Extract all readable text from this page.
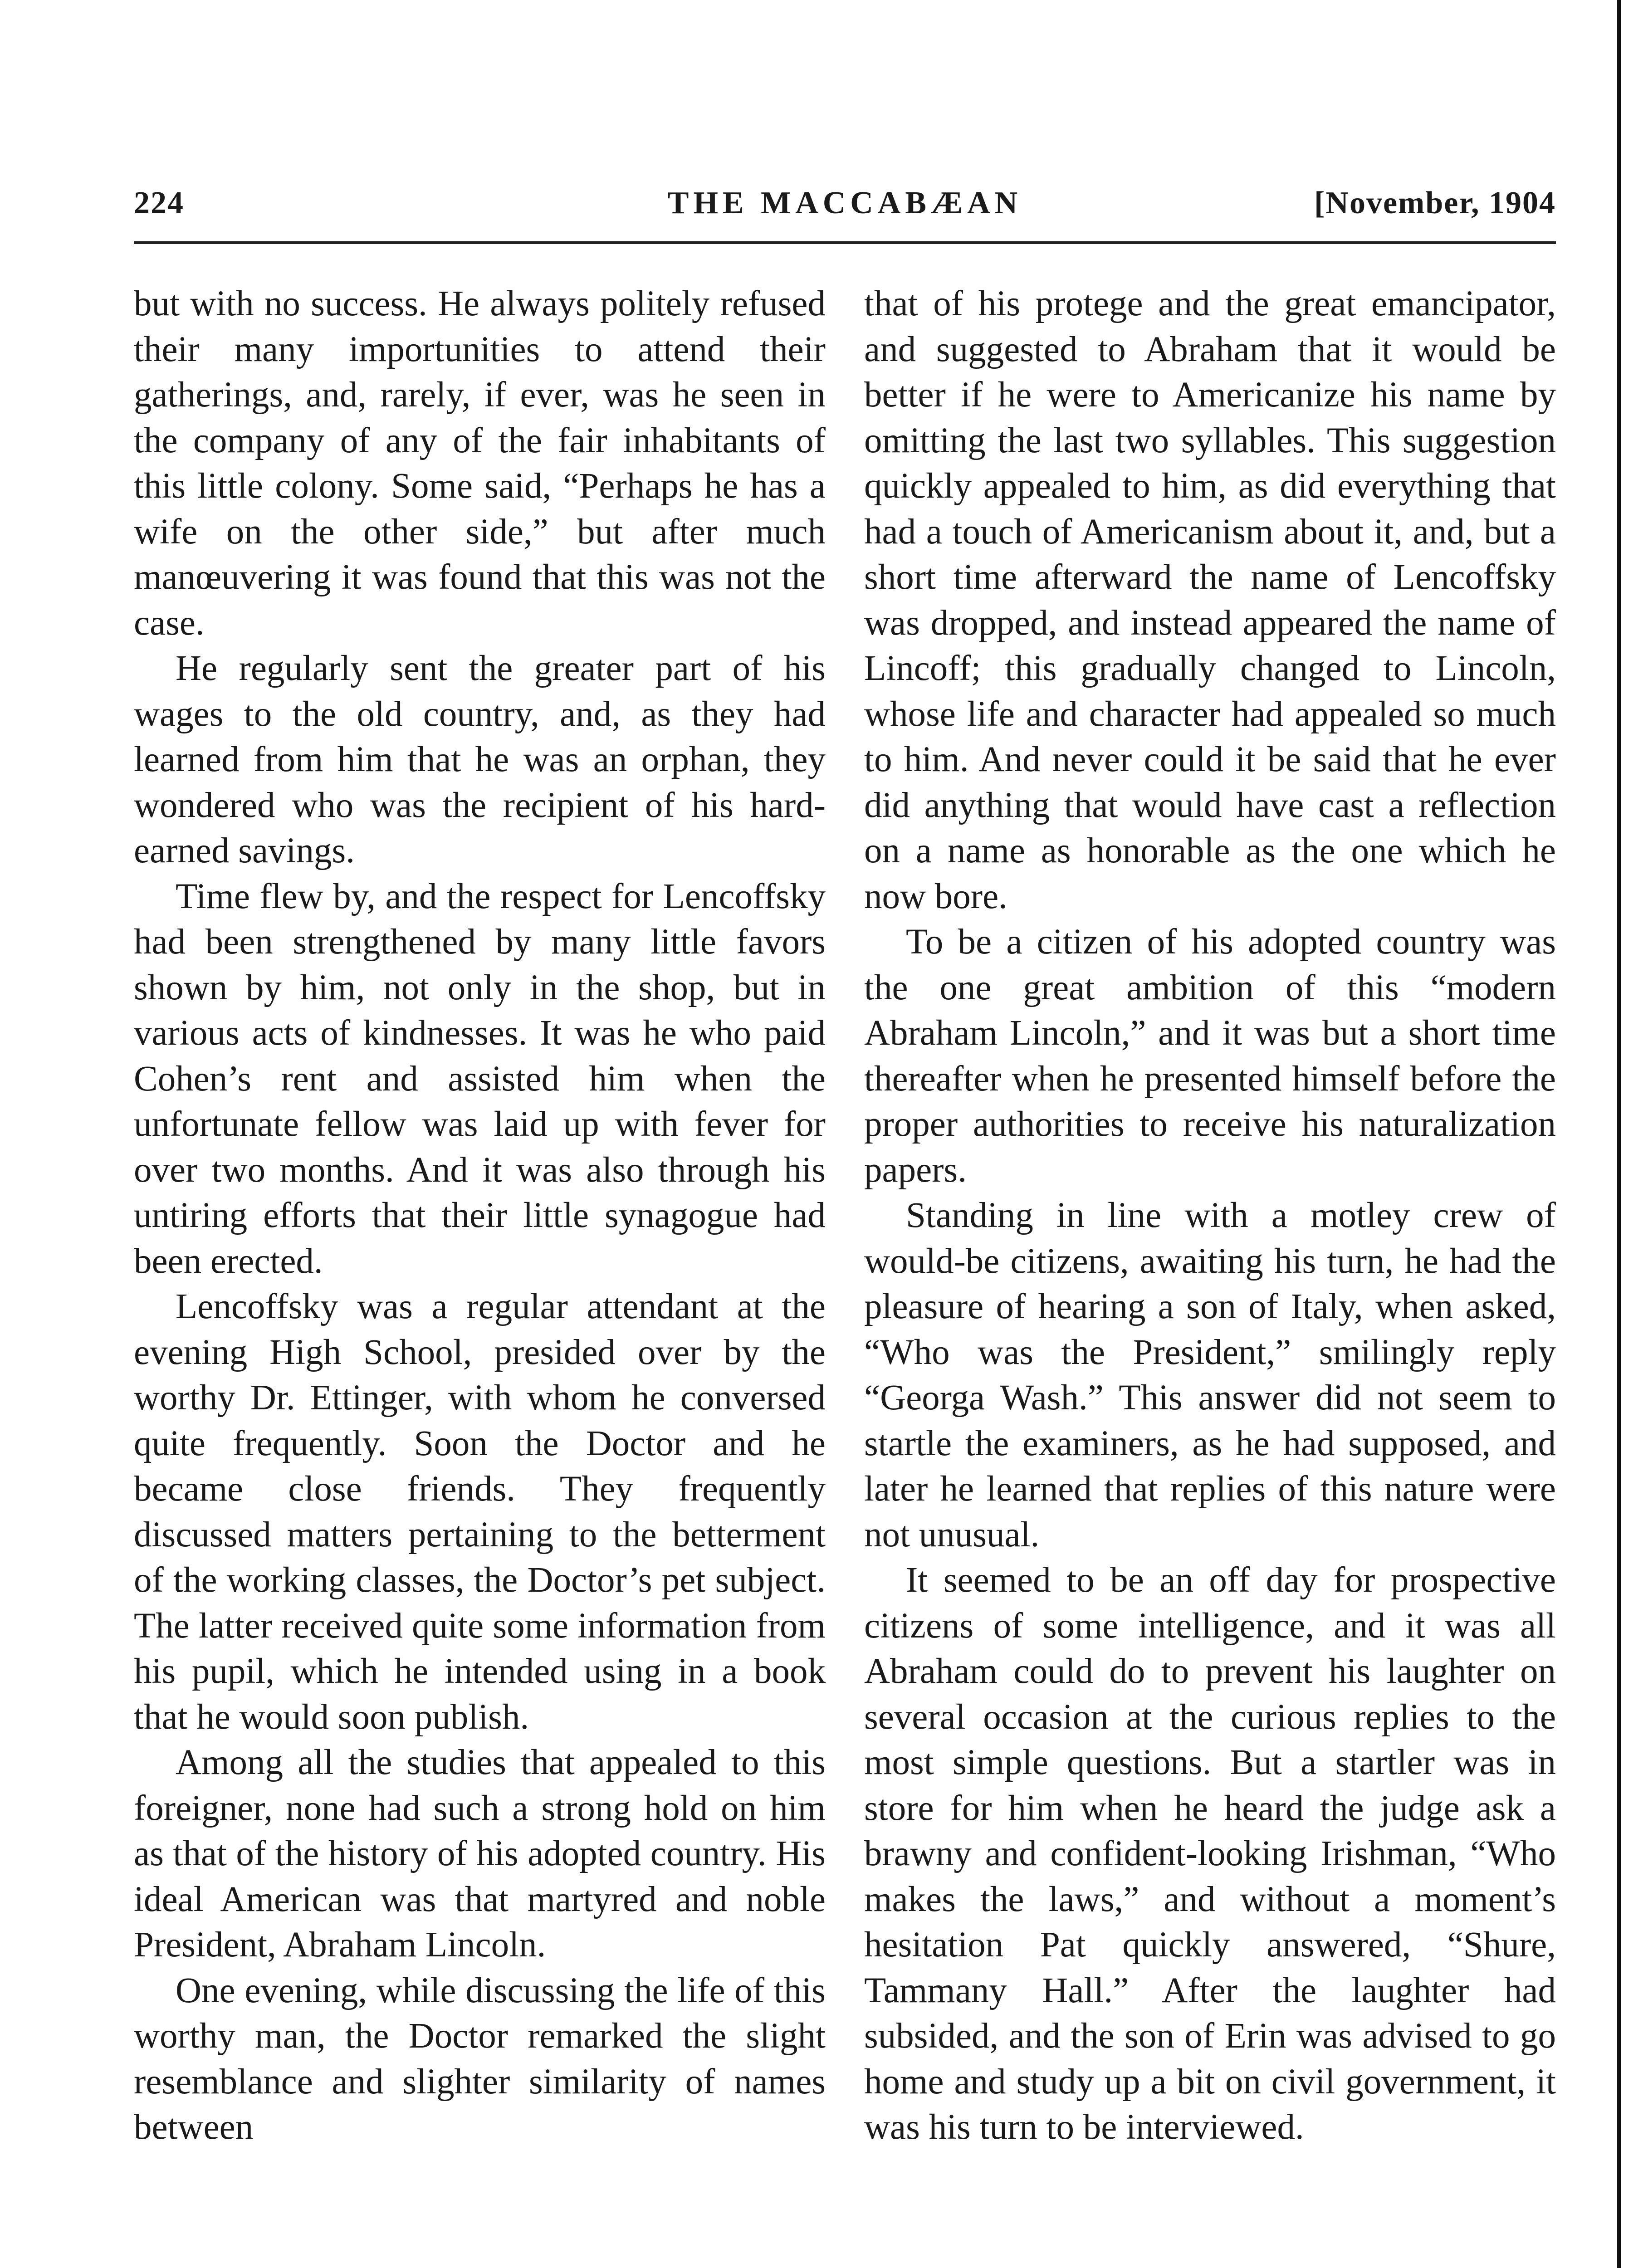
224	THE MACCABÆAN	[November, 1904

but with no success. He always politely refused their many importunities to attend their gatherings, and, rarely, if ever, was he seen in the company of any of the fair inhabitants of this little colony. Some said, “Perhaps he has a wife on the other side,” but after much manœuvering it was found that this was not the case.

He regularly sent the greater part of his wages to the old country, and, as they had learned from him that he was an orphan, they wondered who was the recipient of his hard-earned savings.

Time flew by, and the respect for Lencoffsky had been strengthened by many little favors shown by him, not only in the shop, but in various acts of kindnesses. It was he who paid Cohen’s rent and assisted him when the unfortunate fellow was laid up with fever for over two months. And it was also through his untiring efforts that their little synagogue had been erected.

Lencoffsky was a regular attendant at the evening High School, presided over by the worthy Dr. Ettinger, with whom he conversed quite frequently. Soon the Doctor and he became close friends. They frequently discussed matters pertaining to the betterment of the working classes, the Doctor’s pet subject. The latter received quite some information from his pupil, which he intended using in a book that he would soon publish.

Among all the studies that appealed to this foreigner, none had such a strong hold on him as that of the history of his adopted country. His ideal American was that martyred and noble President, Abraham Lincoln.

One evening, while discussing the life of this worthy man, the Doctor remarked the slight resemblance and slighter similarity of names between

that of his protege and the great emancipator, and suggested to Abraham that it would be better if he were to Americanize his name by omitting the last two syllables. This suggestion quickly appealed to him, as did everything that had a touch of Americanism about it, and, but a short time afterward the name of Lencoffsky was dropped, and instead appeared the name of Lincoff; this gradually changed to Lincoln, whose life and character had appealed so much to him. And never could it be said that he ever did anything that would have cast a reflection on a name as honorable as the one which he now bore.

To be a citizen of his adopted country was the one great ambition of this “modern Abraham Lincoln,” and it was but a short time thereafter when he presented himself before the proper authorities to receive his naturalization papers.

Standing in line with a motley crew of would-be citizens, awaiting his turn, he had the pleasure of hearing a son of Italy, when asked, “Who was the President,” smilingly reply “Georga Wash.” This answer did not seem to startle the examiners, as he had supposed, and later he learned that replies of this nature were not unusual.

It seemed to be an off day for prospective citizens of some intelligence, and it was all Abraham could do to prevent his laughter on several occasion at the curious replies to the most simple questions. But a startler was in store for him when he heard the judge ask a brawny and confident-looking Irishman, “Who makes the laws,” and without a moment’s hesitation Pat quickly answered, “Shure, Tammany Hall.” After the laughter had subsided, and the son of Erin was advised to go home and study up a bit on civil government, it was his turn to be interviewed.
